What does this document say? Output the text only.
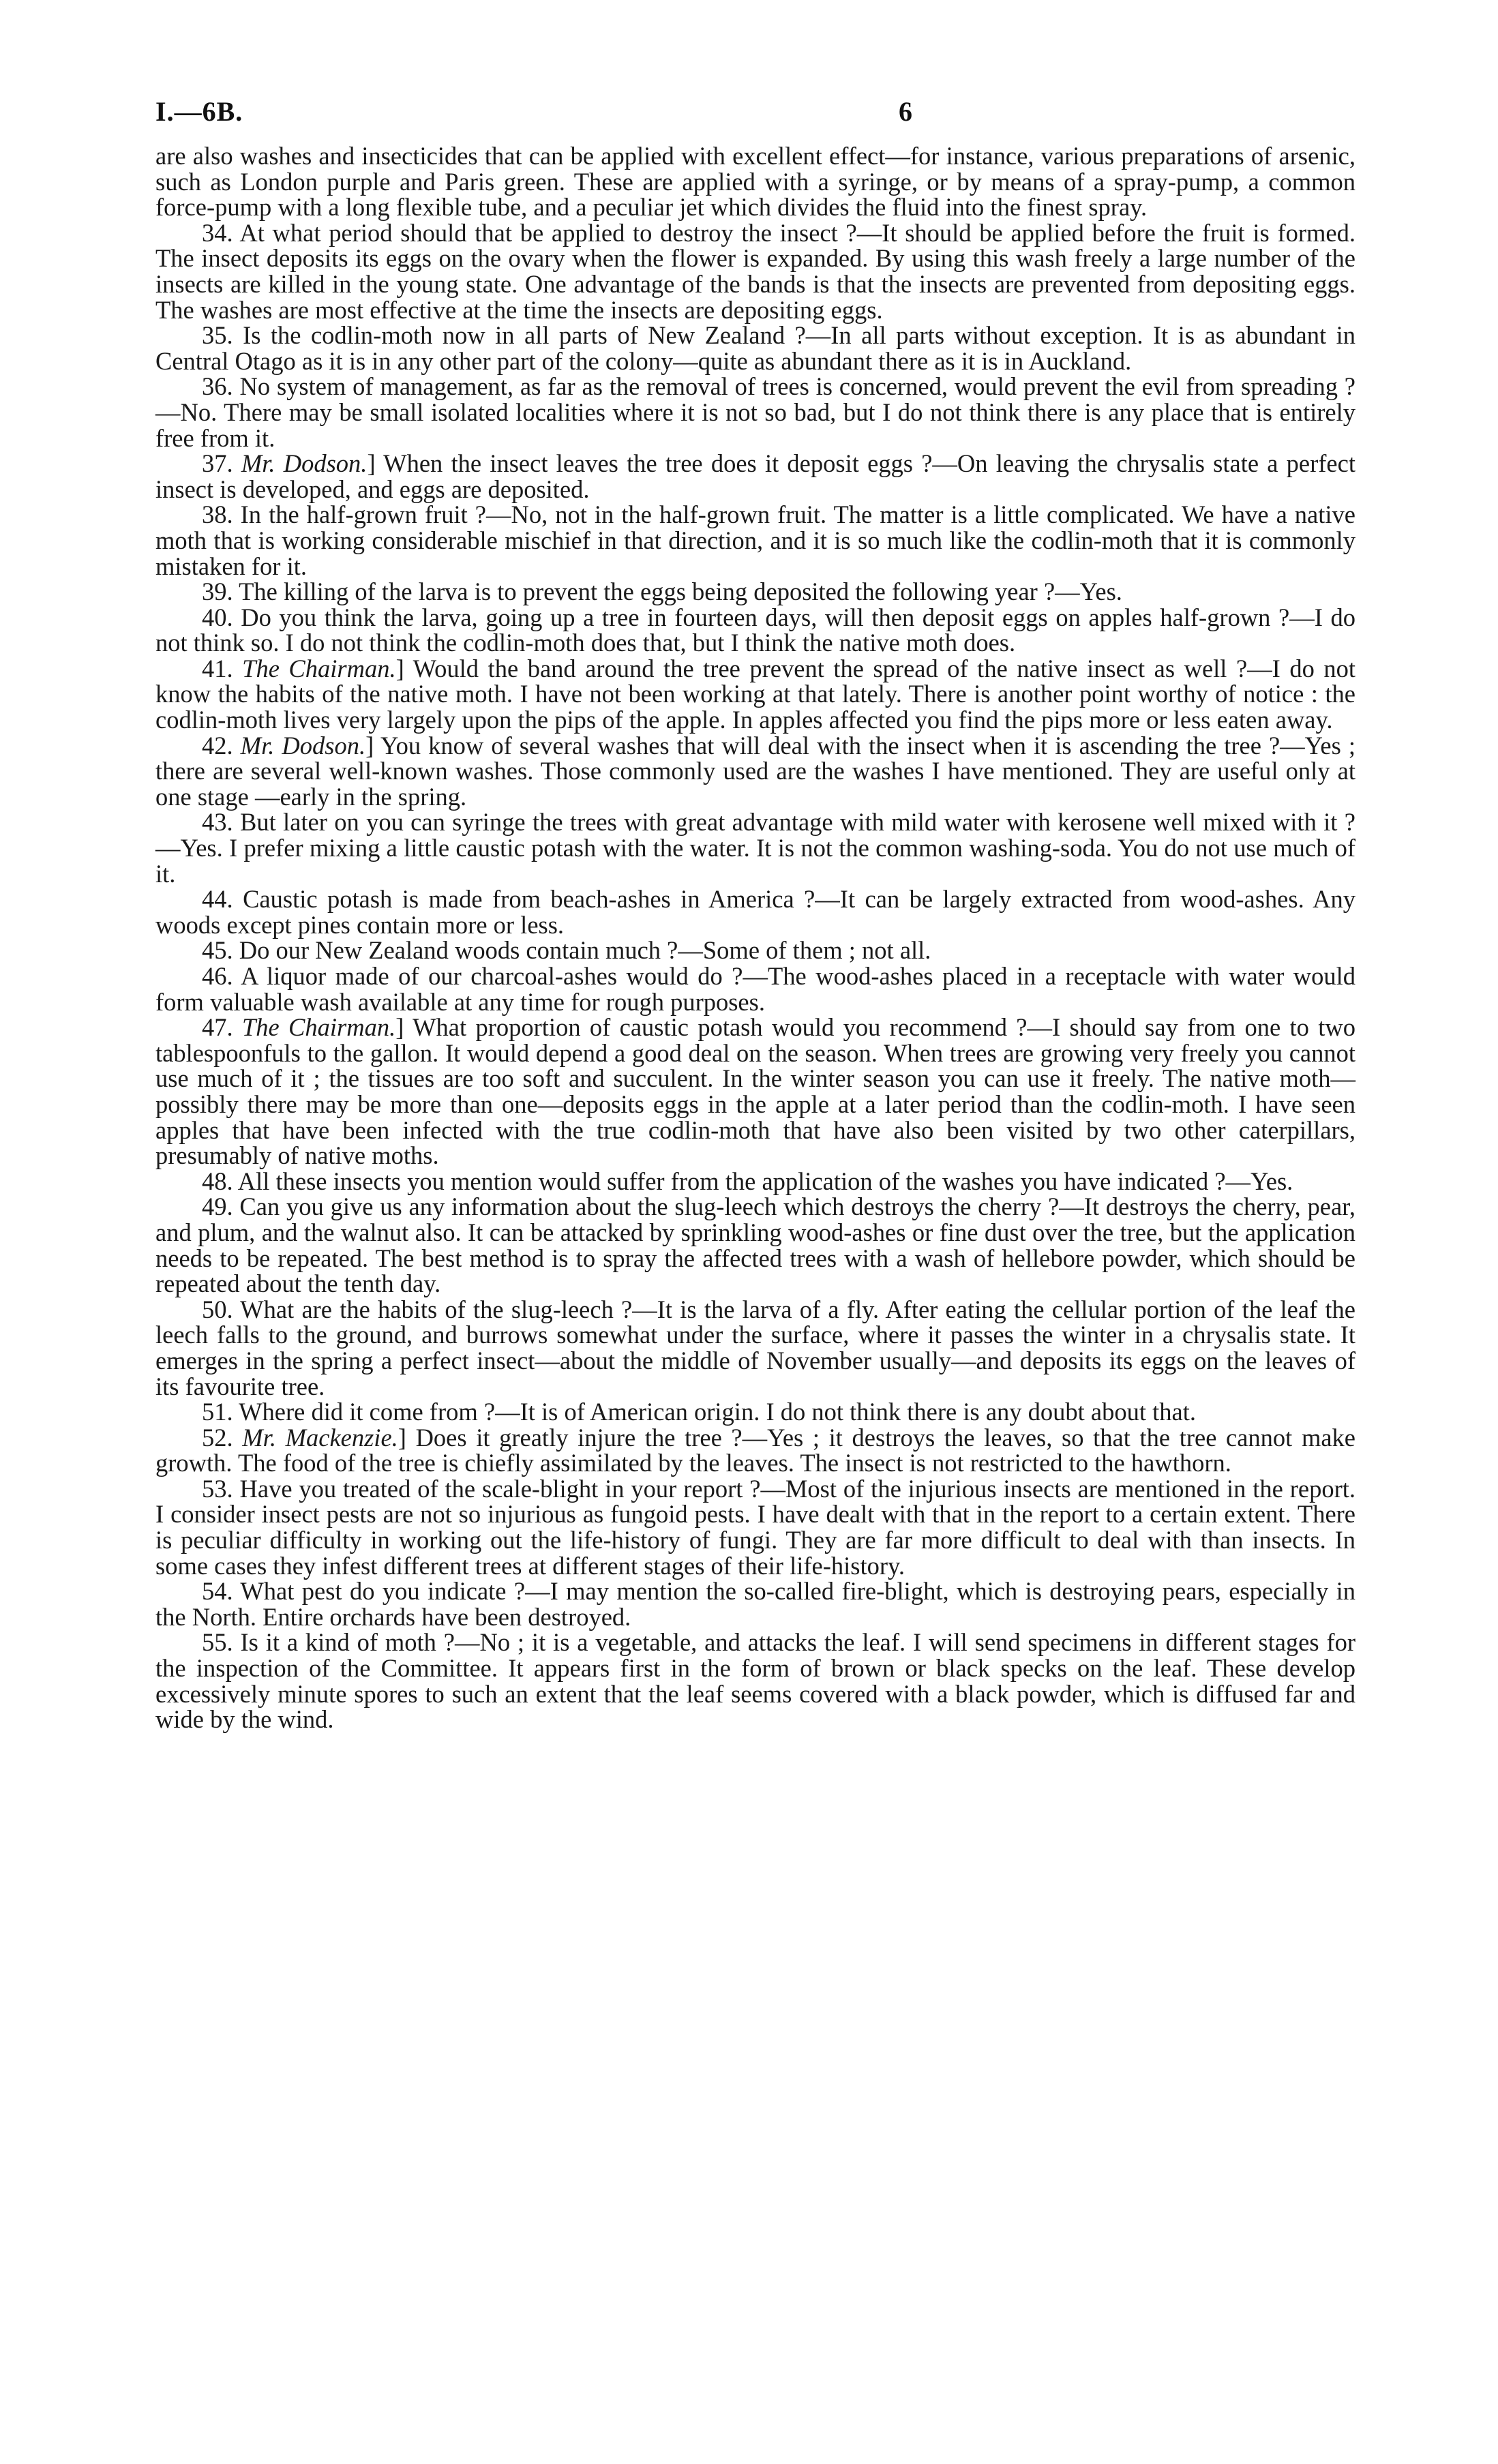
I.—6B.	6

are also washes and insecticides that can be applied with excellent effect—for instance, various preparations of arsenic, such as London purple and Paris green. These are applied with a syringe, or by means of a spray-pump, a common force-pump with a long flexible tube, and a peculiar jet which divides the fluid into the finest spray.

34. At what period should that be applied to destroy the insect ?—It should be applied before the fruit is formed. The insect deposits its eggs on the ovary when the flower is expanded. By using this wash freely a large number of the insects are killed in the young state. One advantage of the bands is that the insects are prevented from depositing eggs. The washes are most effective at the time the insects are depositing eggs.

35. Is the codlin-moth now in all parts of New Zealand ?—In all parts without exception. It is as abundant in Central Otago as it is in any other part of the colony—quite as abundant there as it is in Auckland.

36. No system of management, as far as the removal of trees is concerned, would prevent the evil from spreading ?—No. There may be small isolated localities where it is not so bad, but I do not think there is any place that is entirely free from it.

37. Mr. Dodson.] When the insect leaves the tree does it deposit eggs ?—On leaving the chrysalis state a perfect insect is developed, and eggs are deposited.

38. In the half-grown fruit ?—No, not in the half-grown fruit. The matter is a little complicated. We have a native moth that is working considerable mischief in that direction, and it is so much like the codlin-moth that it is commonly mistaken for it.

39. The killing of the larva is to prevent the eggs being deposited the following year ?—Yes.

40. Do you think the larva, going up a tree in fourteen days, will then deposit eggs on apples half-grown ?—I do not think so. I do not think the codlin-moth does that, but I think the native moth does.

41. The Chairman.] Would the band around the tree prevent the spread of the native insect as well ?—I do not know the habits of the native moth. I have not been working at that lately. There is another point worthy of notice : the codlin-moth lives very largely upon the pips of the apple. In apples affected you find the pips more or less eaten away.

42. Mr. Dodson.] You know of several washes that will deal with the insect when it is ascending the tree ?—Yes ; there are several well-known washes. Those commonly used are the washes I have mentioned. They are useful only at one stage —early in the spring.

43. But later on you can syringe the trees with great advantage with mild water with kerosene well mixed with it ?—Yes. I prefer mixing a little caustic potash with the water. It is not the common washing-soda. You do not use much of it.

44. Caustic potash is made from beach-ashes in America ?—It can be largely extracted from wood-ashes. Any woods except pines contain more or less.

45. Do our New Zealand woods contain much ?—Some of them ; not all.

46. A liquor made of our charcoal-ashes would do ?—The wood-ashes placed in a receptacle with water would form valuable wash available at any time for rough purposes.

47. The Chairman.] What proportion of caustic potash would you recommend ?—I should say from one to two tablespoonfuls to the gallon. It would depend a good deal on the season. When trees are growing very freely you cannot use much of it ; the tissues are too soft and succulent. In the winter season you can use it freely. The native moth—possibly there may be more than one—deposits eggs in the apple at a later period than the codlin-moth. I have seen apples that have been infected with the true codlin-moth that have also been visited by two other caterpillars, presumably of native moths.

48. All these insects you mention would suffer from the application of the washes you have indicated ?—Yes.

49. Can you give us any information about the slug-leech which destroys the cherry ?—It destroys the cherry, pear, and plum, and the walnut also. It can be attacked by sprinkling wood-ashes or fine dust over the tree, but the application needs to be repeated. The best method is to spray the affected trees with a wash of hellebore powder, which should be repeated about the tenth day.

50. What are the habits of the slug-leech ?—It is the larva of a fly. After eating the cellular portion of the leaf the leech falls to the ground, and burrows somewhat under the surface, where it passes the winter in a chrysalis state. It emerges in the spring a perfect insect—about the middle of November usually—and deposits its eggs on the leaves of its favourite tree.

51. Where did it come from ?—It is of American origin. I do not think there is any doubt about that.

52. Mr. Mackenzie.] Does it greatly injure the tree ?—Yes ; it destroys the leaves, so that the tree cannot make growth. The food of the tree is chiefly assimilated by the leaves. The insect is not restricted to the hawthorn.

53. Have you treated of the scale-blight in your report ?—Most of the injurious insects are mentioned in the report. I consider insect pests are not so injurious as fungoid pests. I have dealt with that in the report to a certain extent. There is peculiar difficulty in working out the life-history of fungi. They are far more difficult to deal with than insects. In some cases they infest different trees at different stages of their life-history.

54. What pest do you indicate ?—I may mention the so-called fire-blight, which is destroying pears, especially in the North. Entire orchards have been destroyed.

55. Is it a kind of moth ?—No ; it is a vegetable, and attacks the leaf. I will send specimens in different stages for the inspection of the Committee. It appears first in the form of brown or black specks on the leaf. These develop excessively minute spores to such an extent that the leaf seems covered with a black powder, which is diffused far and wide by the wind.
